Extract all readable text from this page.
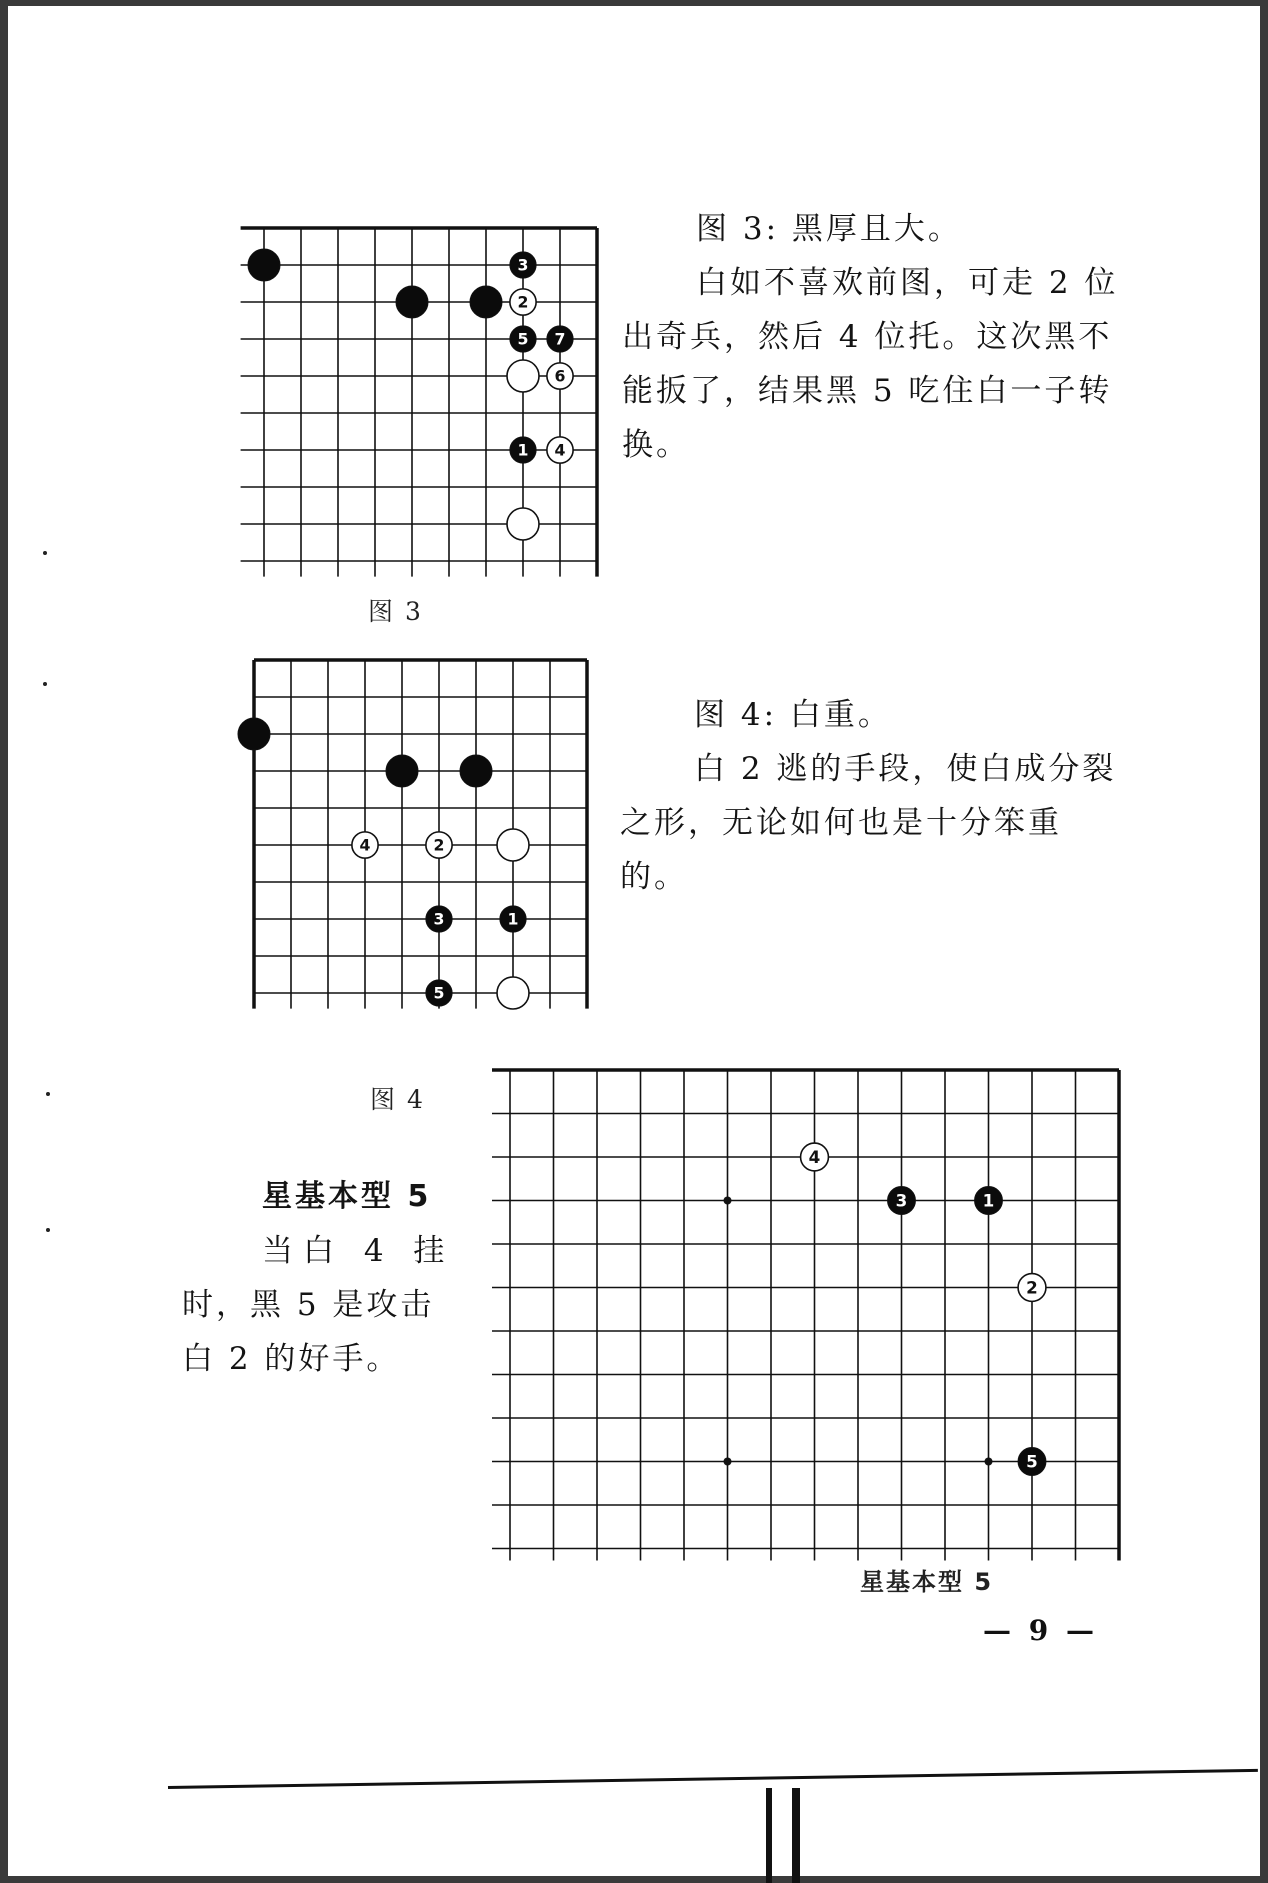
3
2
5 7
6
1 4

图 3: 黑厚且大。

白如不喜欢前图，可走 2 位

出奇兵，然后 4 位托。这次黑不

能扳了，结果黑 5 吃住白一子转

换。

图 3
4	2
3	1
5

图 4: 白重。

白 2 逃的手段，使白成分裂

之形，无论如何也是十分笨重

的。

图 4

星基本型 5

当白 4 挂

时，黑 5 是攻击

白 2 的好手。

4
3	1
2
5
星基本型 5
— 9 —
